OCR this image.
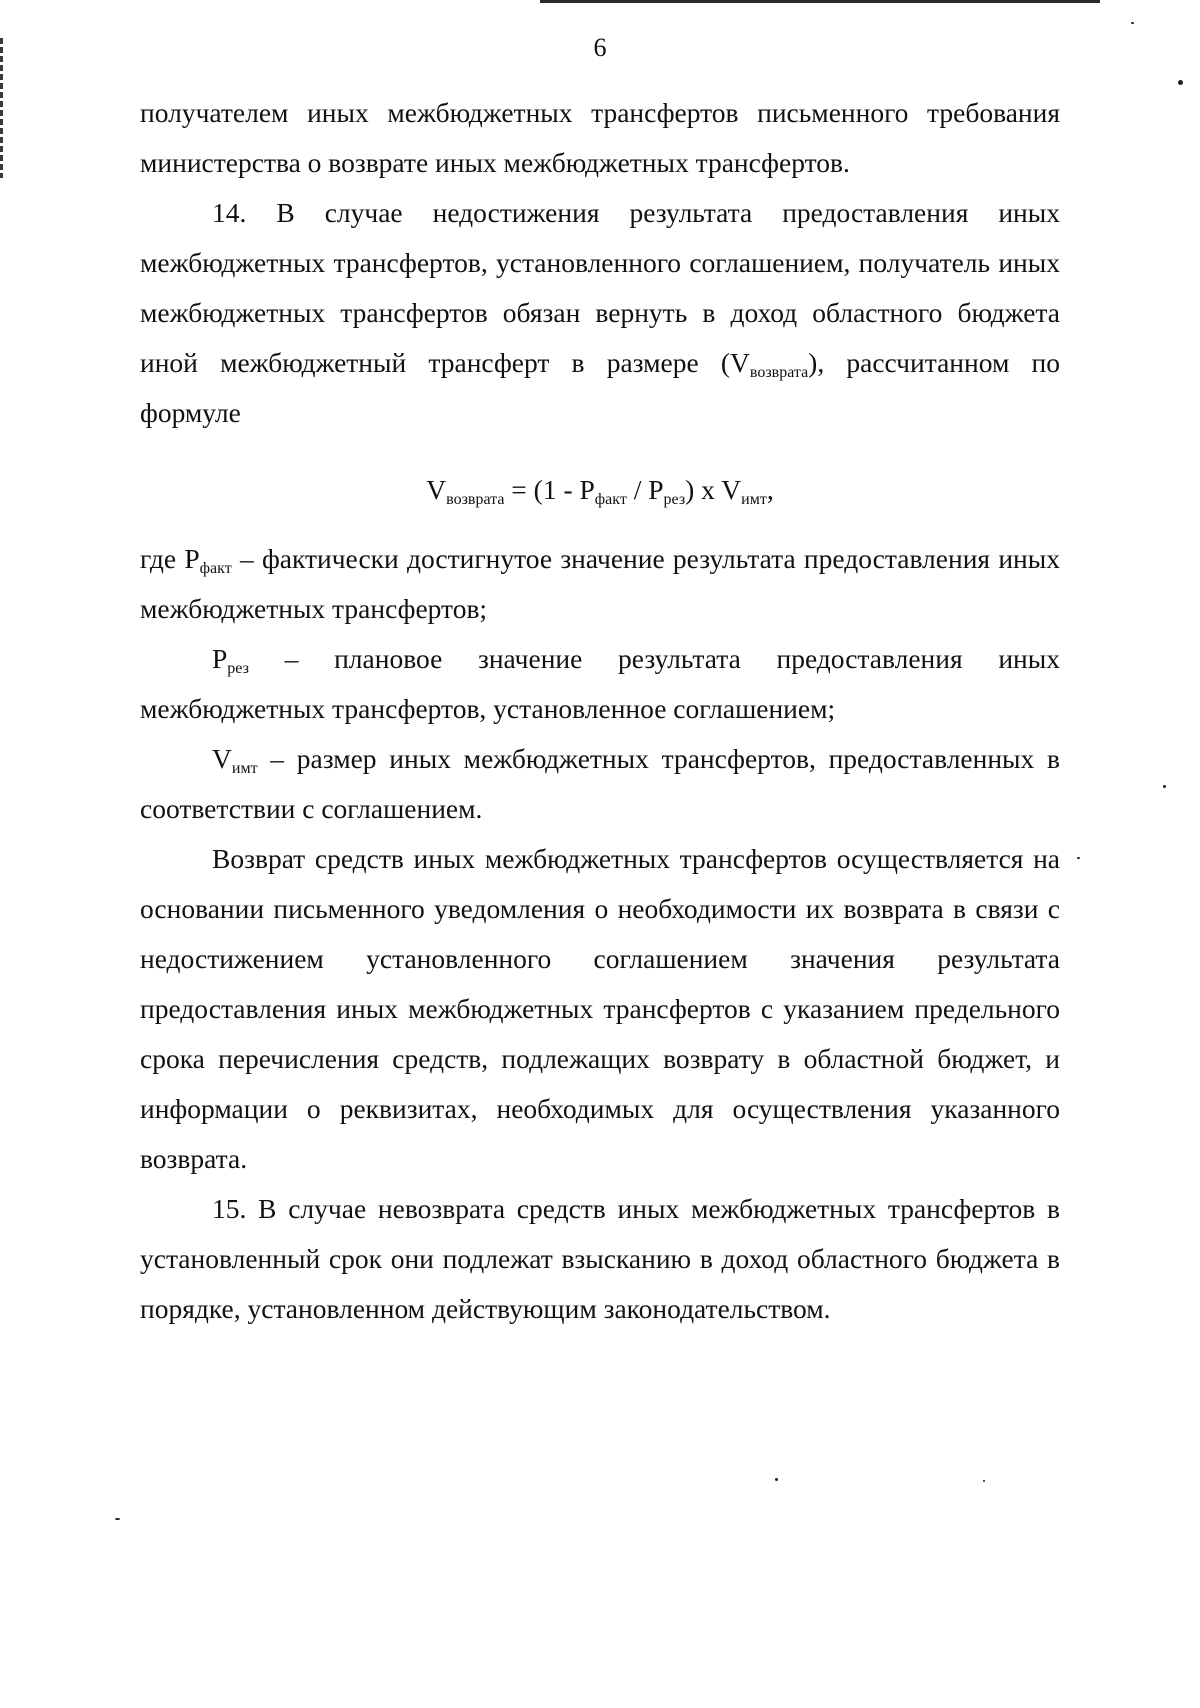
6

получателем иных межбюджетных трансфертов письменного требования министерства о возврате иных межбюджетных трансфертов.

14. В случае недостижения результата предоставления иных межбюджетных трансфертов, установленного соглашением, получатель иных межбюджетных трансфертов обязан вернуть в доход областного бюджета иной межбюджетный трансферт в размере $(V_{возврата})$, рассчитанном по формуле

$V_{возврата} = (1 - P_{факт} / P_{рез})$ x $V_{имт}$,

где $P_{факт}$ – фактически достигнутое значение результата предоставления иных межбюджетных трансфертов;

$P_{рез}$ – плановое значение результата предоставления иных межбюджетных трансфертов, установленное соглашением;

$V_{имт}$ – размер иных межбюджетных трансфертов, предоставленных в соответствии с соглашением.

Возврат средств иных межбюджетных трансфертов осуществляется на основании письменного уведомления о необходимости их возврата в связи с недостижением установленного соглашением значения результата предоставления иных межбюджетных трансфертов с указанием предельного срока перечисления средств, подлежащих возврату в областной бюджет, и информации о реквизитах, необходимых для осуществления указанного возврата.

15. В случае невозврата средств иных межбюджетных трансфертов в установленный срок они подлежат взысканию в доход областного бюджета в порядке, установленном действующим законодательством.
